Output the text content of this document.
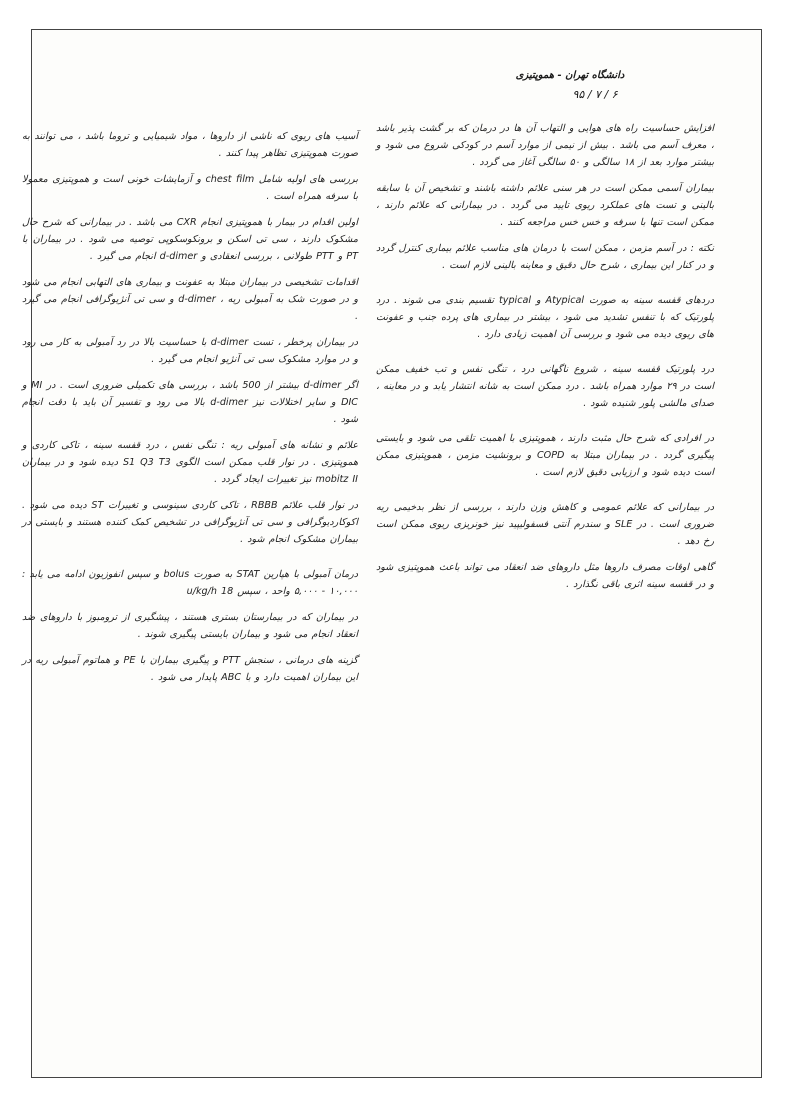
دانشگاه تهران - هموپتیزی
۹۵ / ۷ / ۶

افزایش حساسیت راه های هوایی و التهاب آن ها در درمان که بر گشت پذیر باشد ، معرف آسم می باشد . بیش از نیمی از موارد آسم در کودکی شروع می شود و بیشتر موارد بعد از ۱۸ سالگی و ۵۰ سالگی آغاز می گردد .

بیماران آسمی ممکن است در هر سنی علائم داشته باشند و تشخیص آن با سابقه بالینی و تست های عملکرد ریوی تایید می گردد . در بیمارانی که علائم دارند ، ممکن است تنها با سرفه و خس خس مراجعه کنند .

نکته : در آسم مزمن ، ممکن است با درمان های مناسب علائم بیماری کنترل گردد و در کنار این بیماری ، شرح حال دقیق و معاینه بالینی لازم است .

دردهای قفسه سینه به صورت Atypical و typical تقسیم بندی می شوند . درد پلورتیک که با تنفس تشدید می شود ، بیشتر در بیماری های پرده جنب و عفونت های ریوی دیده می شود و بررسی آن اهمیت زیادی دارد .

درد پلورتیک قفسه سینه ، شروع ناگهانی درد ، تنگی نفس و تب خفیف ممکن است در ۲۹ موارد همراه باشد . درد ممکن است به شانه انتشار یابد و در معاینه ، صدای مالشی پلور شنیده شود .

در افرادی که شرح حال مثبت دارند ، هموپتیزی با اهمیت تلقی می شود و بایستی پیگیری گردد . در بیماران مبتلا به COPD و برونشیت مزمن ، هموپتیزی ممکن است دیده شود و ارزیابی دقیق لازم است .

در بیمارانی که علائم عمومی و کاهش وزن دارند ، بررسی از نظر بدخیمی ریه ضروری است . در SLE و سندرم آنتی فسفولیپید نیز خونریزی ریوی ممکن است رخ دهد .

گاهی اوقات مصرف داروها مثل داروهای ضد انعقاد می تواند باعث هموپتیزی شود و در قفسه سینه اثری باقی نگذارد .

آسیب های ریوی که ناشی از داروها ، مواد شیمیایی و تروما باشد ، می توانند به صورت هموپتیزی تظاهر پیدا کنند .

بررسی های اولیه شامل chest film و آزمایشات خونی است و هموپتیزی معمولا با سرفه همراه است .

اولین اقدام در بیمار با هموپتیزی انجام CXR می باشد . در بیمارانی که شرح حال مشکوک دارند ، سی تی اسکن و برونکوسکوپی توصیه می شود . در بیماران با PT و PTT طولانی ، بررسی انعقادی و d-dimer انجام می گیرد .

اقدامات تشخیصی در بیماران مبتلا به عفونت و بیماری های التهابی انجام می شود و در صورت شک به آمبولی ریه ، d-dimer و سی تی آنژیوگرافی انجام می گیرد .

در بیماران پرخطر ، تست d-dimer با حساسیت بالا در رد آمبولی به کار می رود و در موارد مشکوک سی تی آنژیو انجام می گیرد .

اگر d-dimer بیشتر از 500 باشد ، بررسی های تکمیلی ضروری است . در MI و DIC و سایر اختلالات نیز d-dimer بالا می رود و تفسیر آن باید با دقت انجام شود .

علائم و نشانه های آمبولی ریه : تنگی نفس ، درد قفسه سینه ، تاکی کاردی و هموپتیزی . در نوار قلب ممکن است الگوی S1 Q3 T3 دیده شود و در بیماران mobitz II نیز تغییرات ایجاد گردد .

در نوار قلب علائم RBBB ، تاکی کاردی سینوسی و تغییرات ST دیده می شود . اکوکاردیوگرافی و سی تی آنژیوگرافی در تشخیص کمک کننده هستند و بایستی در بیماران مشکوک انجام شود .

درمان آمبولی با هپارین STAT به صورت bolus و سپس انفوزیون ادامه می یابد : ۱۰,۰۰۰ - ۵,۰۰۰ واحد ، سپس 18 u/kg/h

در بیماران که در بیمارستان بستری هستند ، پیشگیری از ترومبوز با داروهای ضد انعقاد انجام می شود و بیماران بایستی پیگیری شوند .

گزینه های درمانی ، سنجش PTT و پیگیری بیماران با PE و هماتوم آمبولی ریه در این بیماران اهمیت دارد و با ABC پایدار می شود .
